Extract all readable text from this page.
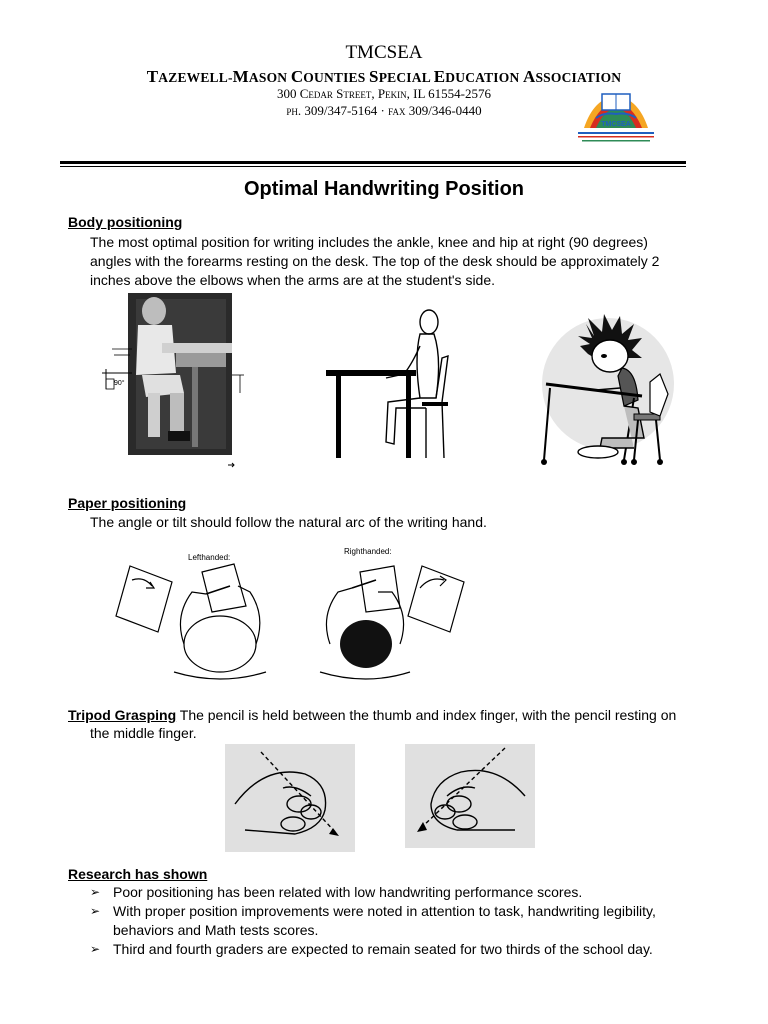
TMCSEA
TAZEWELL-MASON COUNTIES SPECIAL EDUCATION ASSOCIATION
300 Cedar Street, Pekin, IL 61554-2576
ph. 309/347-5164 · fax 309/346-0440
TMCSEA
Optimal Handwriting Position
Body positioning
The most optimal position for writing includes the ankle, knee and hip at right (90 degrees)
angles with the forearms resting on the desk. The top of the desk should be approximately 2
inches above the elbows when the arms are at the student's side.
90°
Paper positioning
The angle or tilt should follow the natural arc of the writing hand.
Lefthanded:
Righthanded:
Tripod Grasping The pencil is held between the thumb and index finger, with the pencil resting on
the middle finger.
Research has shown
➢ Poor positioning has been related with low handwriting performance scores.
➢ With proper position improvements were noted in attention to task, handwriting legibility,
behaviors and Math tests scores.
➢ Third and fourth graders are expected to remain seated for two thirds of the school day.
